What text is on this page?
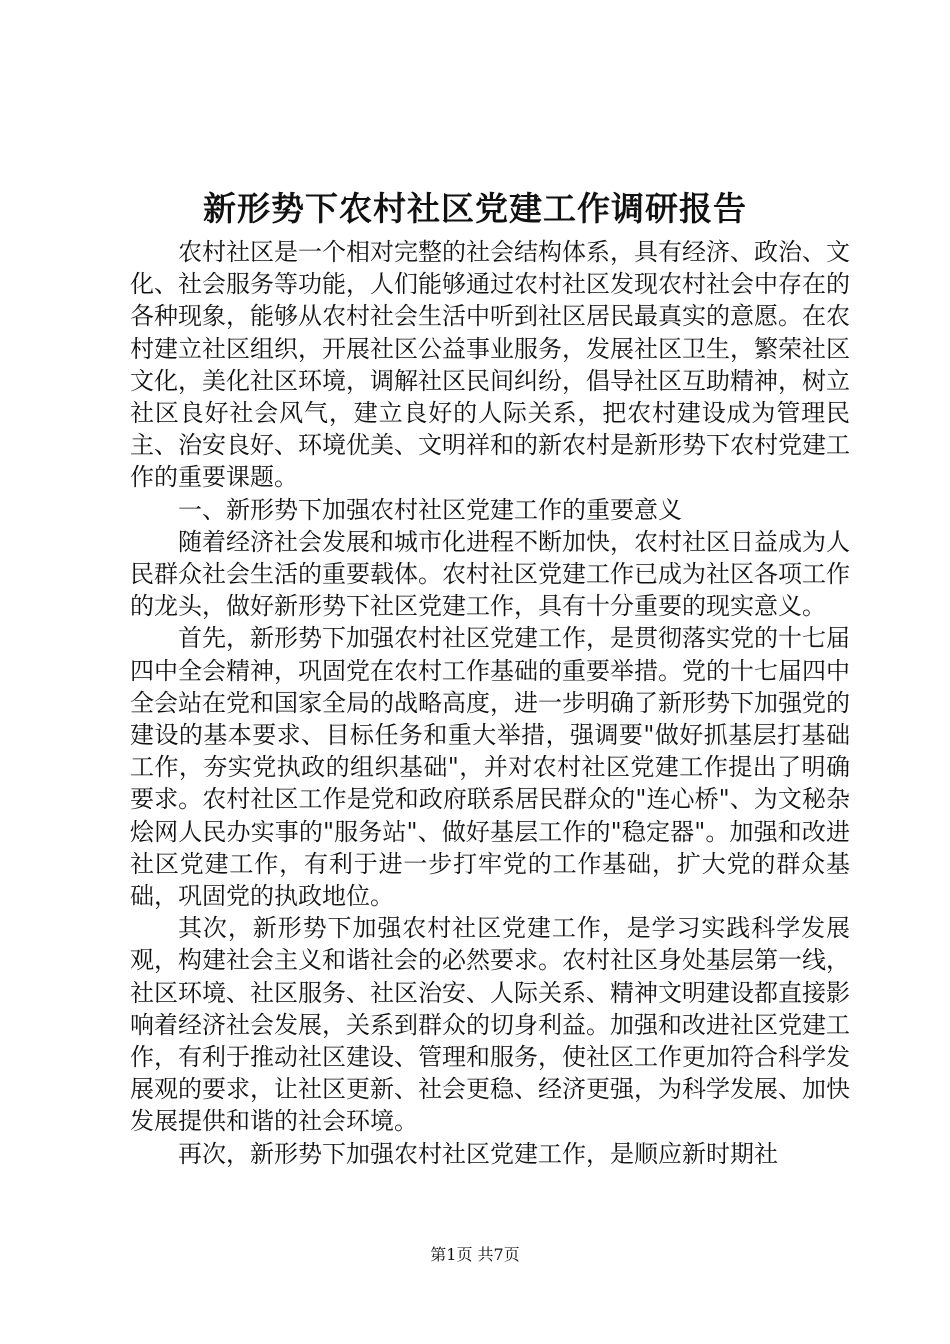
新形势下农村社区党建工作调研报告

农村社区是一个相对完整的社会结构体系，具有经济、政治、文化、社会服务等功能，人们能够通过农村社区发现农村社会中存在的各种现象，能够从农村社会生活中听到社区居民最真实的意愿。在农村建立社区组织，开展社区公益事业服务，发展社区卫生，繁荣社区文化，美化社区环境，调解社区民间纠纷，倡导社区互助精神，树立社区良好社会风气，建立良好的人际关系，把农村建设成为管理民主、治安良好、环境优美、文明祥和的新农村是新形势下农村党建工作的重要课题。

一、新形势下加强农村社区党建工作的重要意义

随着经济社会发展和城市化进程不断加快，农村社区日益成为人民群众社会生活的重要载体。农村社区党建工作已成为社区各项工作的龙头，做好新形势下社区党建工作，具有十分重要的现实意义。

首先，新形势下加强农村社区党建工作，是贯彻落实党的十七届四中全会精神，巩固党在农村工作基础的重要举措。党的十七届四中全会站在党和国家全局的战略高度，进一步明确了新形势下加强党的建设的基本要求、目标任务和重大举措，强调要"做好抓基层打基础工作，夯实党执政的组织基础"，并对农村社区党建工作提出了明确要求。农村社区工作是党和政府联系居民群众的"连心桥"、为文秘杂烩网人民办实事的"服务站"、做好基层工作的"稳定器"。加强和改进社区党建工作，有利于进一步打牢党的工作基础，扩大党的群众基础，巩固党的执政地位。

其次，新形势下加强农村社区党建工作，是学习实践科学发展观，构建社会主义和谐社会的必然要求。农村社区身处基层第一线，社区环境、社区服务、社区治安、人际关系、精神文明建设都直接影响着经济社会发展，关系到群众的切身利益。加强和改进社区党建工作，有利于推动社区建设、管理和服务，使社区工作更加符合科学发展观的要求，让社区更新、社会更稳、经济更强，为科学发展、加快发展提供和谐的社会环境。

再次，新形势下加强农村社区党建工作，是顺应新时期社

第1页 共7页
